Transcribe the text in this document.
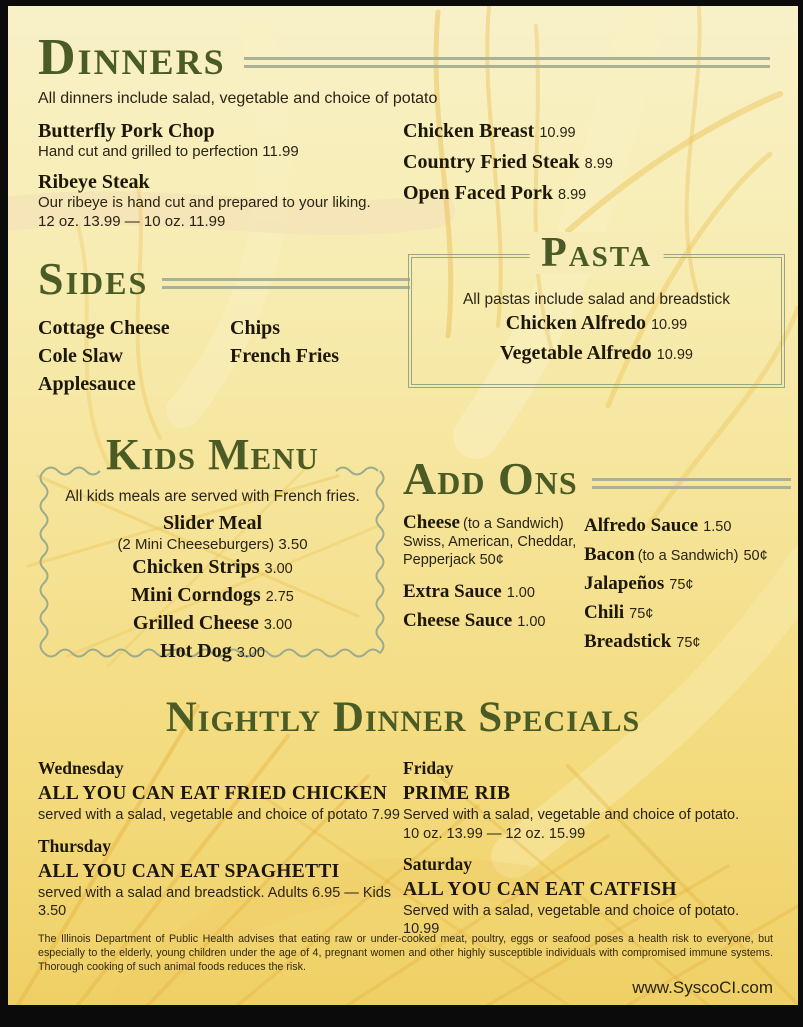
Dinners
All dinners include salad, vegetable and choice of potato
Butterfly Pork Chop
Hand cut and grilled to perfection 11.99
Ribeye Steak
Our ribeye is hand cut and prepared to your liking.
12 oz. 13.99 — 10 oz. 11.99
Chicken Breast 10.99
Country Fried Steak 8.99
Open Faced Pork 8.99
Sides
Cottage Cheese
Cole Slaw
Applesauce
Chips
French Fries
Pasta
All pastas include salad and breadstick
Chicken Alfredo 10.99
Vegetable Alfredo 10.99
Kids Menu
All kids meals are served with French fries.
Slider Meal
(2 Mini Cheeseburgers) 3.50
Chicken Strips 3.00
Mini Corndogs 2.75
Grilled Cheese 3.00
Hot Dog 3.00
Add Ons
Cheese (to a Sandwich)
Swiss, American, Cheddar,
Pepperjack 50¢
Extra Sauce 1.00
Cheese Sauce 1.00
Alfredo Sauce 1.50
Bacon (to a Sandwich) 50¢
Jalapeños 75¢
Chili 75¢
Breadstick 75¢
Nightly Dinner Specials
Wednesday
ALL YOU CAN EAT FRIED CHICKEN
served with a salad, vegetable and choice of potato 7.99
Thursday
ALL YOU CAN EAT SPAGHETTI
served with a salad and breadstick. Adults 6.95 — Kids 3.50
Friday
PRIME RIB
Served with a salad, vegetable and choice of potato.
10 oz. 13.99 — 12 oz. 15.99
Saturday
ALL YOU CAN EAT CATFISH
Served with a salad, vegetable and choice of potato. 10.99
The Illinois Department of Public Health advises that eating raw or under-cooked meat, poultry, eggs or seafood poses a health risk to everyone, but especially to the elderly, young children under the age of 4, pregnant women and other highly susceptible individuals with compromised immune systems. Thorough cooking of such animal foods reduces the risk.
www.SyscoCI.com
